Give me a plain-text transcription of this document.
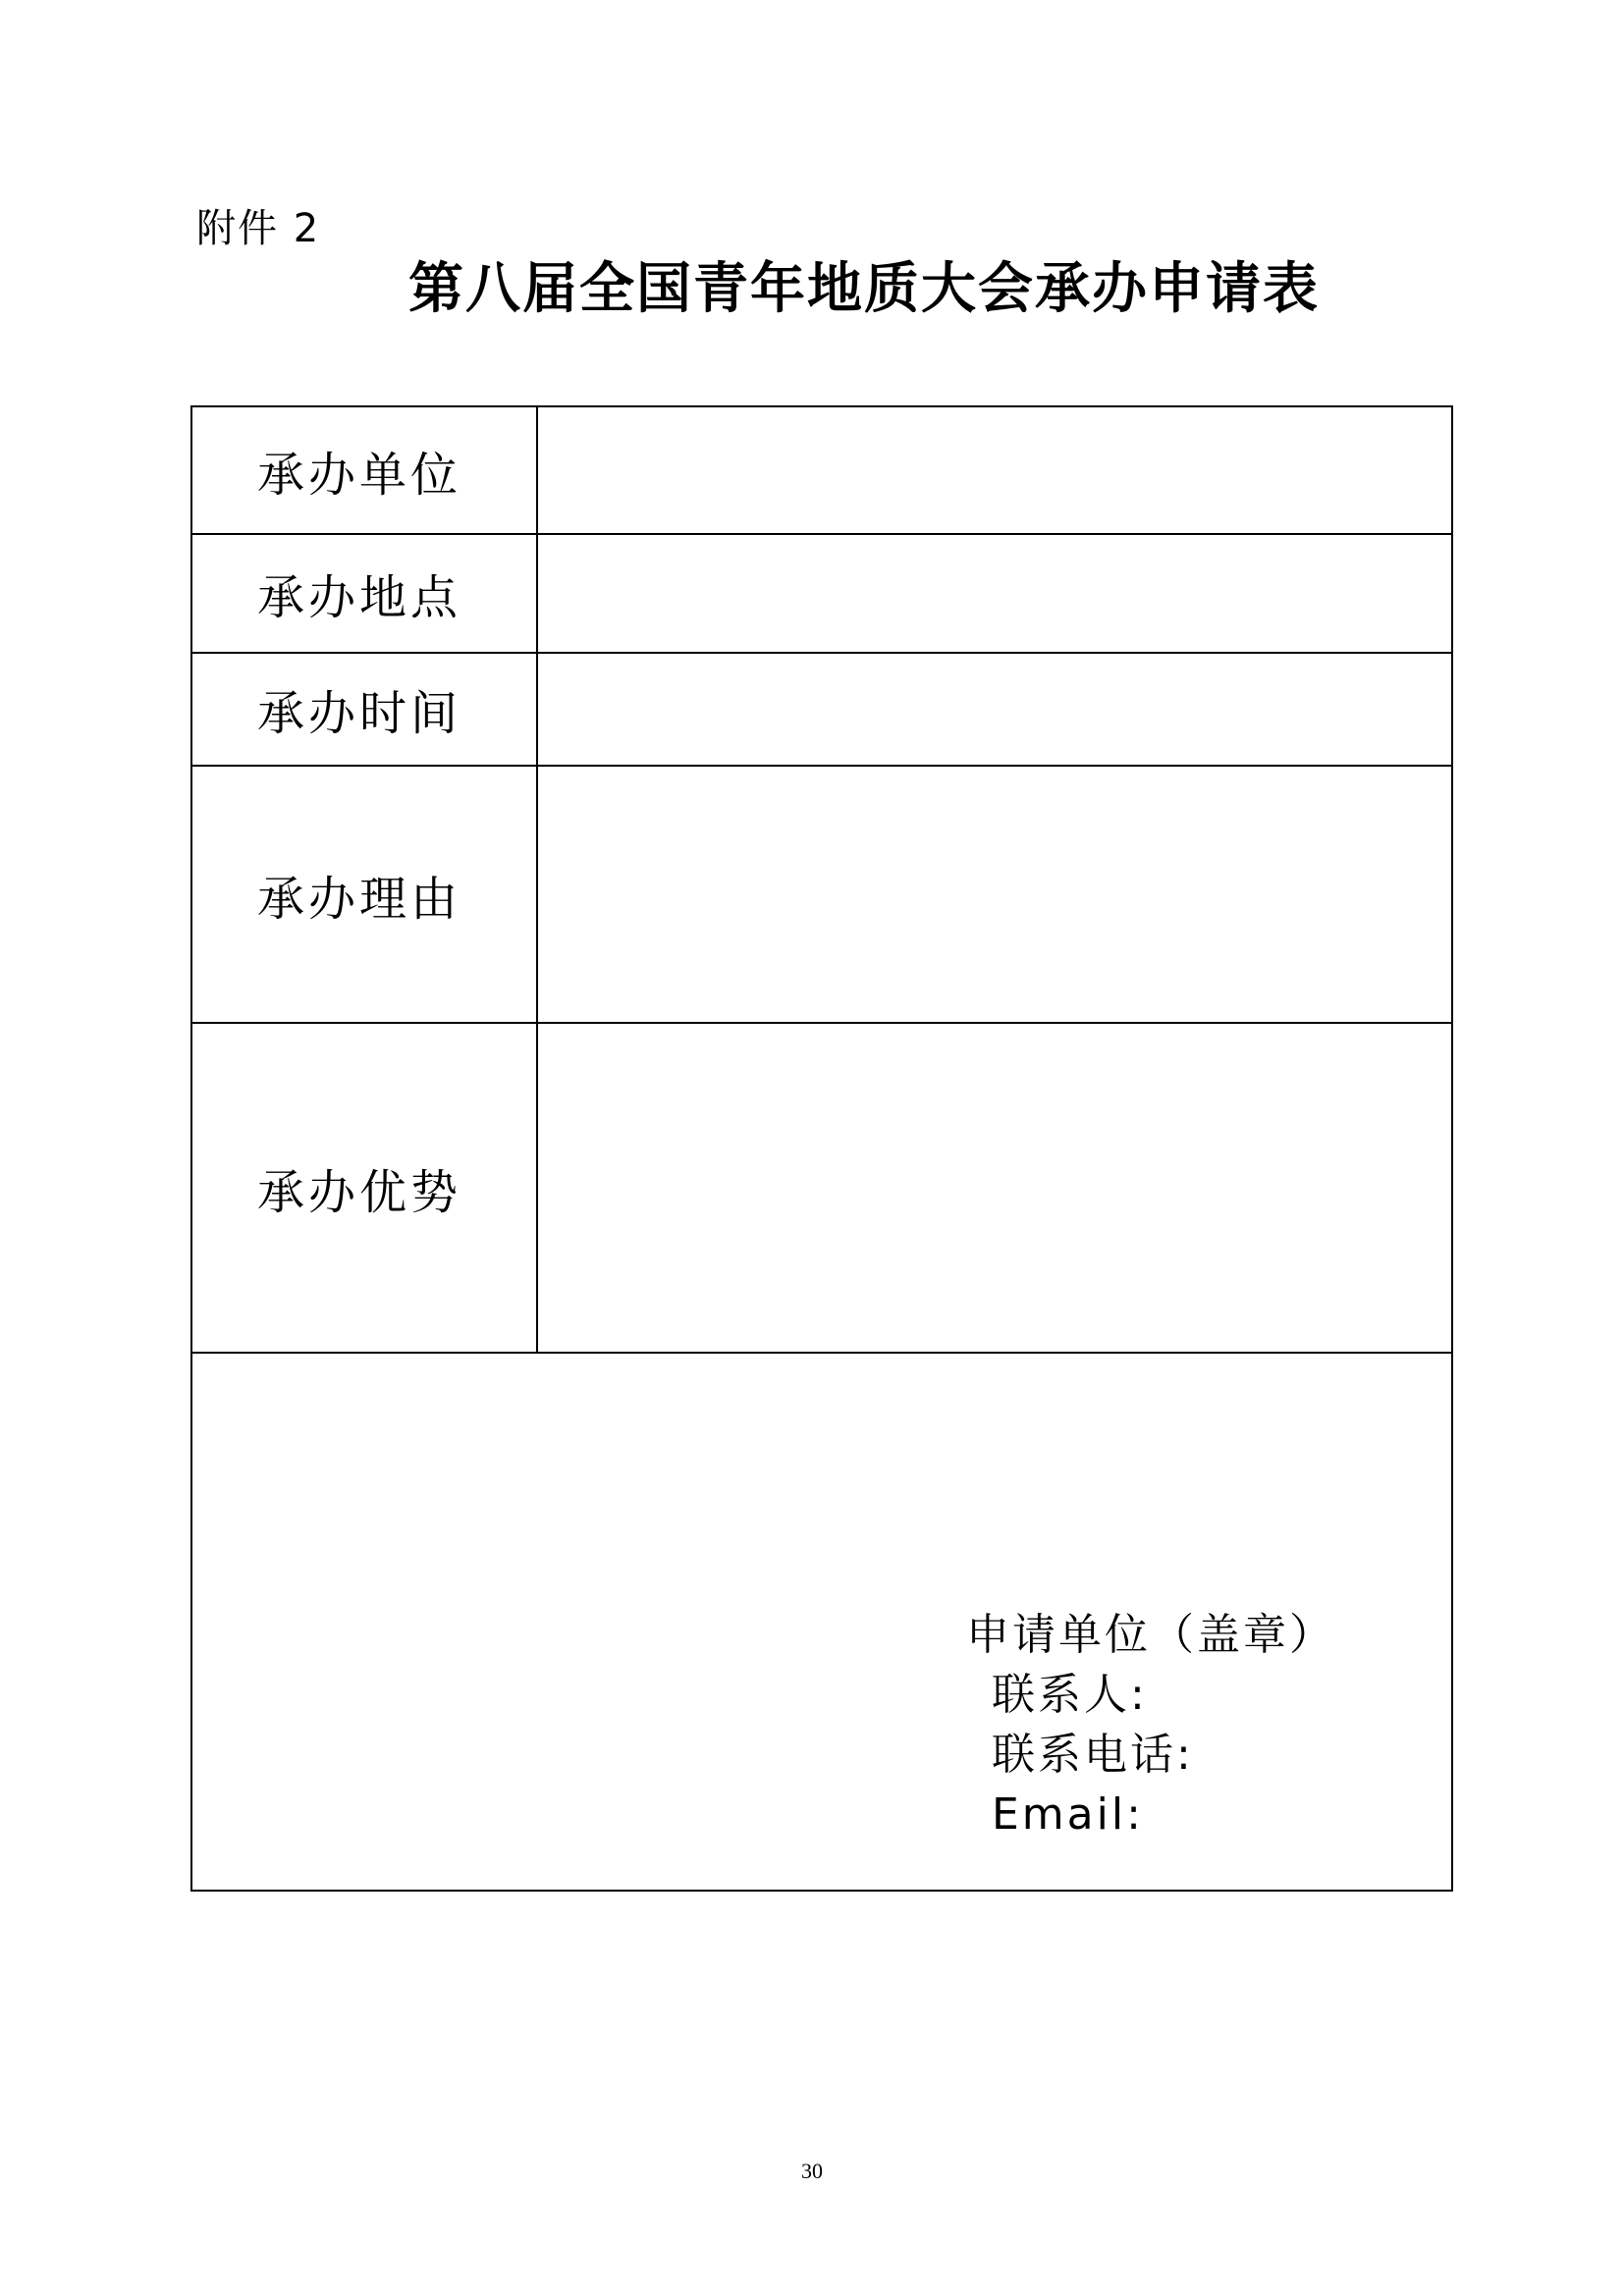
附件 2
第八届全国青年地质大会承办申请表
承办单位	
承办地点	
承办时间	
承办理由	
承办优势	

申请单位（盖章）
联系人:
联系电话:
Email:	
30
